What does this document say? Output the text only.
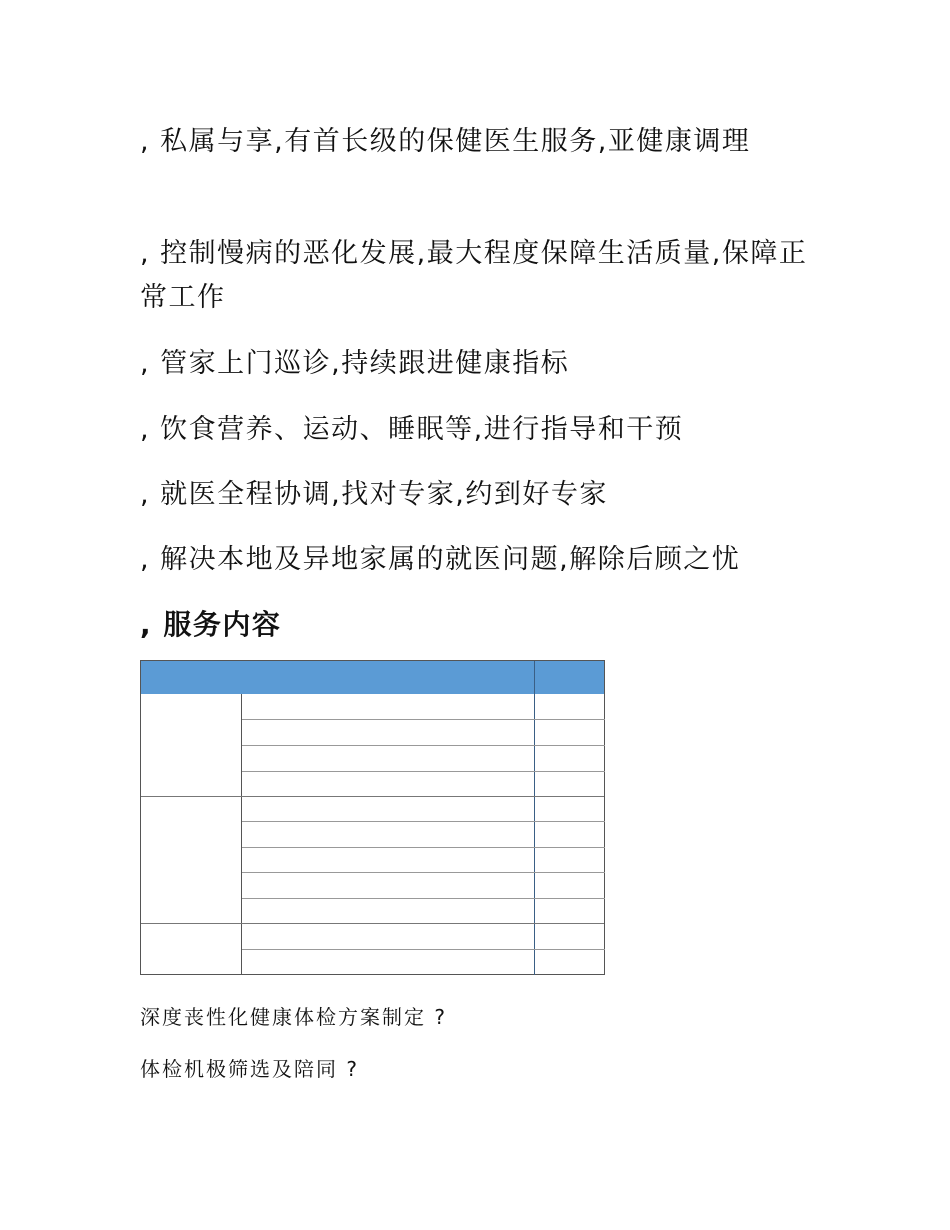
, 私属与享,有首长级的保健医生服务,亚健康调理

, 控制慢病的恶化发展,最大程度保障生活质量,保障正常工作

, 管家上门巡诊,持续跟进健康指标

, 饮食营养、运动、睡眠等,进行指导和干预

, 就医全程协调,找对专家,约到好专家

, 解决本地及异地家属的就医问题,解除后顾之忧

, 服务内容

深度丧性化健康体检方案制定 ?

体检机极筛选及陪同 ?
